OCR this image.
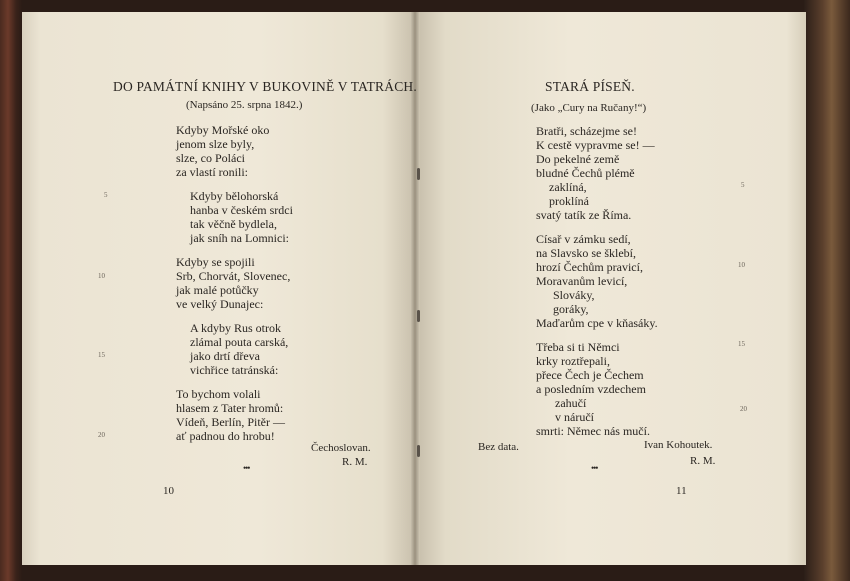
DO PAMÁTNÍ KNIHY V BUKOVINĚ V TATRÁCH.
(Napsáno 25. srpna 1842.)
Kdyby Mořské oko
jenom slze byly,
slze, co Poláci
za vlastí ronili:
Kdyby bělohorská
hanba v českém srdci
tak věčně bydlela,
jak sníh na Lomnici:
Kdyby se spojili
Srb, Chorvát, Slovenec,
jak malé potůčky
ve velký Dunajec:
A kdyby Rus otrok
zlámal pouta carská,
jako drtí dřeva
vichřice tatránská:
To bychom volali
hlasem z Tater hromů:
Vídeň, Berlín, Pitěr —
ať padnou do hrobu!
Čechoslovan.
R. M.
•••
10
5
10
15
20
STARÁ PÍSEŇ.
(Jako „Cury na Ručany!“)
Bratři, scházejme se!
K cestě vypravme se! —
Do pekelné země
bludné Čechů plémě
zaklíná,
proklíná
svatý tatík ze Říma.
Císař v zámku sedí,
na Slavsko se šklebí,
hrozí Čechům pravicí,
Moravanům levicí,
Slováky,
goráky,
Maďarům cpe v kňasáky.
Třeba si ti Němci
krky roztřepali,
přece Čech je Čechem
a posledním vzdechem
zahučí
v náručí
smrti: Němec nás mučí.
Bez data.	Ivan Kohoutek.
R. M.
•••
11
5
10
15
20
